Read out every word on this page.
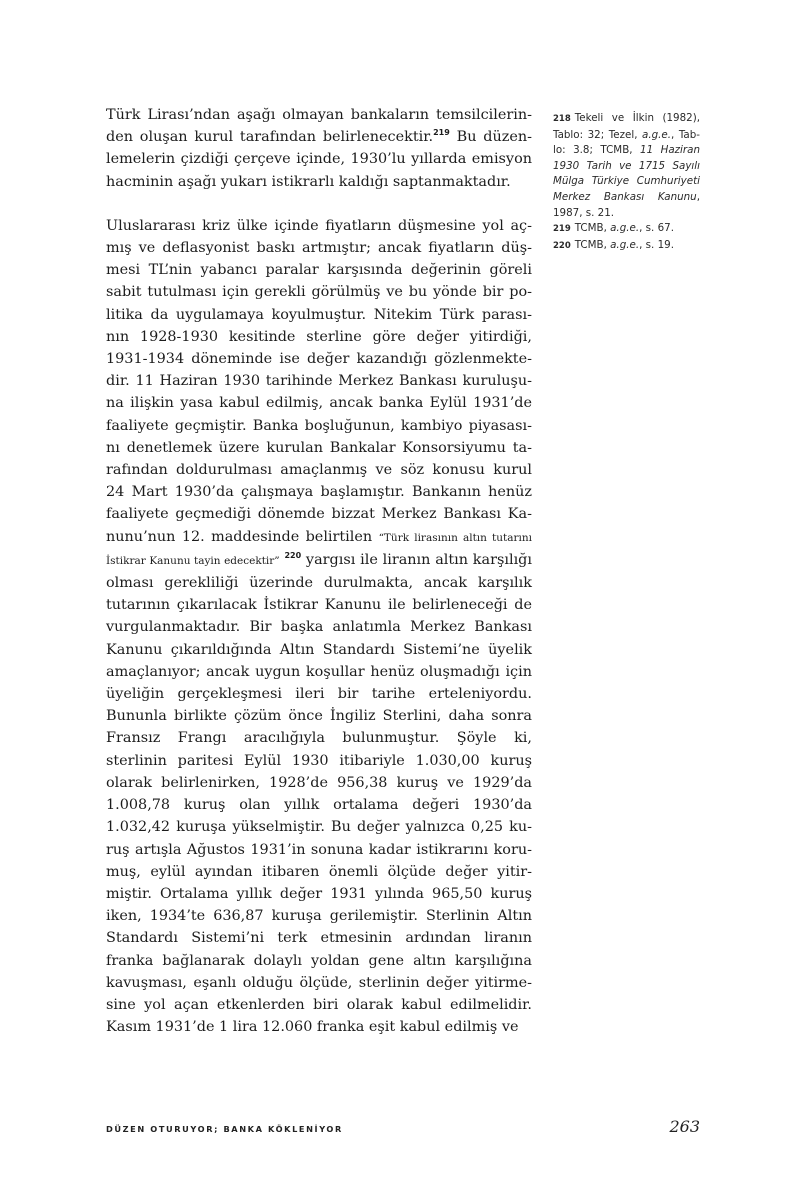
Türk Lirası’ndan aşağı olmayan bankaların temsilcilerinden oluşan kurul tarafından belirlenecektir.$^{219}$ Bu düzenlemelerin çizdiği çerçeve içinde, 1930’lu yıllarda emisyon hacminin aşağı yukarı istikrarlı kaldığı saptanmaktadır.

Uluslararası kriz ülke içinde fiyatların düşmesine yol açmış ve deflasyonist baskı artmıştır; ancak fiyatların düşmesi TL’nin yabancı paralar karşısında değerinin göreli sabit tutulması için gerekli görülmüş ve bu yönde bir politika da uygulamaya koyulmuştur. Nitekim Türk parasının 1928-1930 kesitinde sterline göre değer yitirdiği, 1931-1934 döneminde ise değer kazandığı gözlenmektedir. 11 Haziran 1930 tarihinde Merkez Bankası kuruluşuna ilişkin yasa kabul edilmiş, ancak banka Eylül 1931’de faaliyete geçmiştir. Banka boşluğunun, kambiyo piyasasını denetlemek üzere kurulan Bankalar Konsorsiyumu tarafından doldurulması amaçlanmış ve söz konusu kurul 24 Mart 1930’da çalışmaya başlamıştır. Bankanın henüz faaliyete geçmediği dönemde bizzat Merkez Bankası Kanunu’nun 12. maddesinde belirtilen “Türk lirasının altın tutarını İstikrar Kanunu tayin edecektir” $^{220}$ yargısı ile liranın altın karşılığı olması gerekliliği üzerinde durulmakta, ancak karşılık tutarının çıkarılacak İstikrar Kanunu ile belirleneceği de vurgulanmaktadır. Bir başka anlatımla Merkez Bankası Kanunu çıkarıldığında Altın Standardı Sistemi’ne üyelik amaçlanıyor; ancak uygun koşullar henüz oluşmadığı için üyeliğin gerçekleşmesi ileri bir tarihe erteleniyordu. Bununla birlikte çözüm önce İngiliz Sterlini, daha sonra Fransız Frangı aracılığıyla bulunmuştur. Şöyle ki, sterlinin paritesi Eylül 1930 itibariyle 1.030,00 kuruş olarak belirlenirken, 1928’de 956,38 kuruş ve 1929’da 1.008,78 kuruş olan yıllık ortalama değeri 1930’da 1.032,42 kuruşa yükselmiştir. Bu değer yalnızca 0,25 kuruş artışla Ağustos 1931’in sonuna kadar istikrarını korumuş, eylül ayından itibaren önemli ölçüde değer yitirmiştir. Ortalama yıllık değer 1931 yılında 965,50 kuruş iken, 1934’te 636,87 kuruşa gerilemiştir. Sterlinin Altın Standardı Sistemi’ni terk etmesinin ardından liranın franka bağlanarak dolaylı yoldan gene altın karşılığına kavuşması, eşanlı olduğu ölçüde, sterlinin değer yitirmesine yol açan etkenlerden biri olarak kabul edilmelidir. Kasım 1931’de 1 lira 12.060 franka eşit kabul edilmiş ve

218 Tekeli ve İlkin (1982), Tablo: 32; Tezel, a.g.e., Tablo: 3.8; TCMB, 11 Haziran 1930 Tarih ve 1715 Sayılı Mülga Türkiye Cumhuriyeti Merkez Bankası Kanunu, 1987, s. 21.

219 TCMB, a.g.e., s. 67.

220 TCMB, a.g.e., s. 19.

DÜZEN OTURUYOR; BANKA KÖKLENİYOR	263
